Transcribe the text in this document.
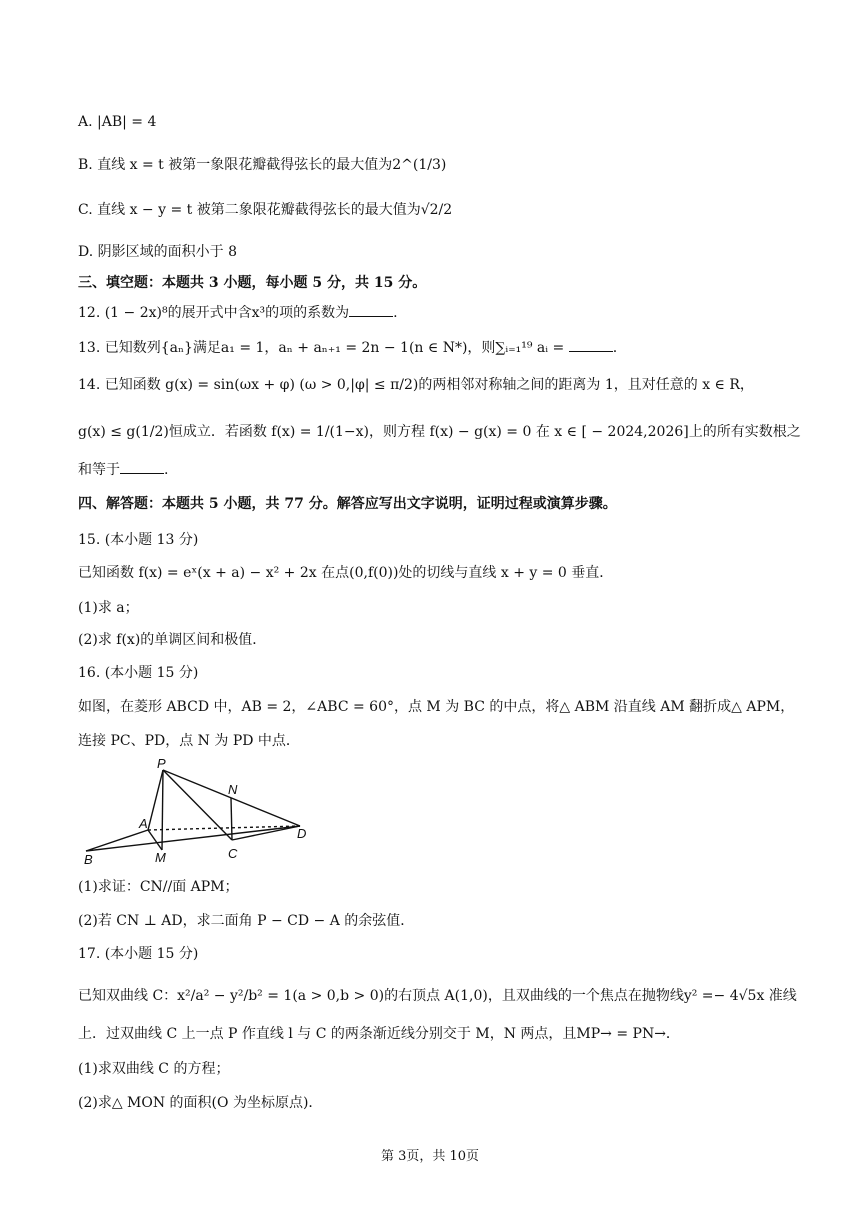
A. |AB| = 4
B. 直线 x = t 被第一象限花瓣截得弦长的最大值为2^(1/3)
C. 直线 x − y = t 被第二象限花瓣截得弦长的最大值为√2/2
D. 阴影区域的面积小于 8
三、填空题：本题共 3 小题，每小题 5 分，共 15 分。
12. (1 − 2x)⁸的展开式中含x³的项的系数为	.
13. 已知数列{aₙ}满足a₁ = 1，aₙ + aₙ₊₁ = 2n − 1(n ∈ N*)，则∑ᵢ₌₁¹⁹ aᵢ =	.
14. 已知函数 g(x) = sin(ωx + φ) (ω > 0,|φ| ≤ π/2)的两相邻对称轴之间的距离为 1，且对任意的 x ∈ R，
g(x) ≤ g(1/2)恒成立．若函数 f(x) = 1/(1−x)，则方程 f(x) − g(x) = 0 在 x ∈ [ − 2024,2026]上的所有实数根之
和等于	.
四、解答题：本题共 5 小题，共 77 分。解答应写出文字说明，证明过程或演算步骤。
15. (本小题 13 分)
已知函数 f(x) = eˣ(x + a) − x² + 2x 在点(0,f(0))处的切线与直线 x + y = 0 垂直．
(1)求 a；
(2)求 f(x)的单调区间和极值．
16. (本小题 15 分)
如图，在菱形 ABCD 中，AB = 2，∠ABC = 60°，点 M 为 BC 的中点，将△ ABM 沿直线 AM 翻折成△ APM，
连接 PC、PD，点 N 为 PD 中点．
P
N
A
D
B	M	C
(1)求证：CN//面 APM；
(2)若 CN ⊥ AD，求二面角 P − CD − A 的余弦值．
17. (本小题 15 分)
已知双曲线 C：x²/a² − y²/b² = 1(a > 0,b > 0)的右顶点 A(1,0)，且双曲线的一个焦点在抛物线y² =− 4√5x 准线
上．过双曲线 C 上一点 P 作直线 l 与 C 的两条渐近线分别交于 M，N 两点，且MP→ = PN→．
(1)求双曲线 C 的方程；
(2)求△ MON 的面积(O 为坐标原点)．
第 3页，共 10页
